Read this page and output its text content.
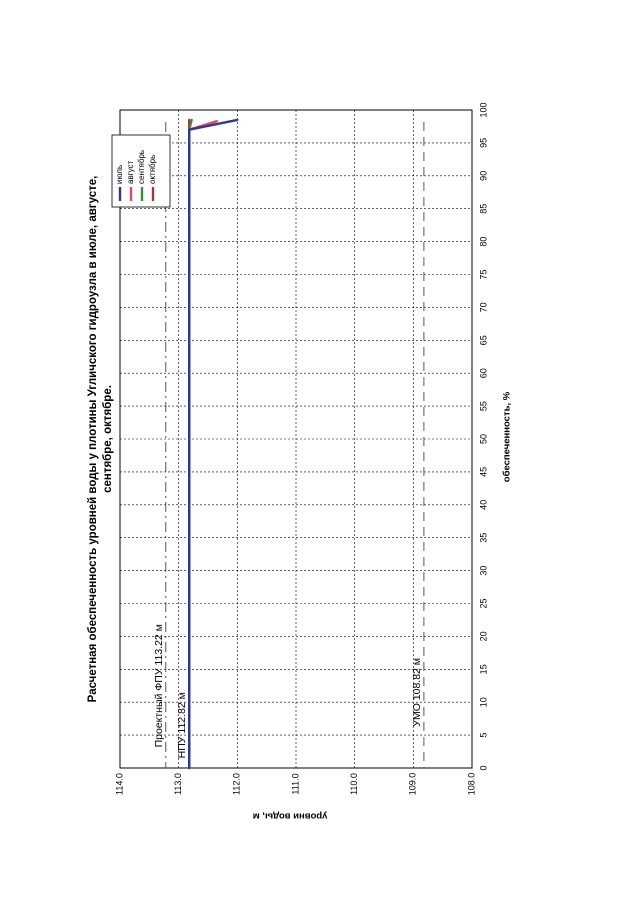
Проектный ФПУ 113.22 м НПУ 112.82 м	УМО 108.82 м
0
5
10
15
20
25
30
35
40
45
50
55
60
65
70
75
80
85
90
95
100
108.0
109.0
110.0
111.0
112.0
113.0
114.0
июль август сентябрь октябрь
Расчетная обеспеченность уровней воды у плотины Угличского гидроузла в июле, августе, сентябре, октябре.	обеспеченность, %
уровни воды, м
